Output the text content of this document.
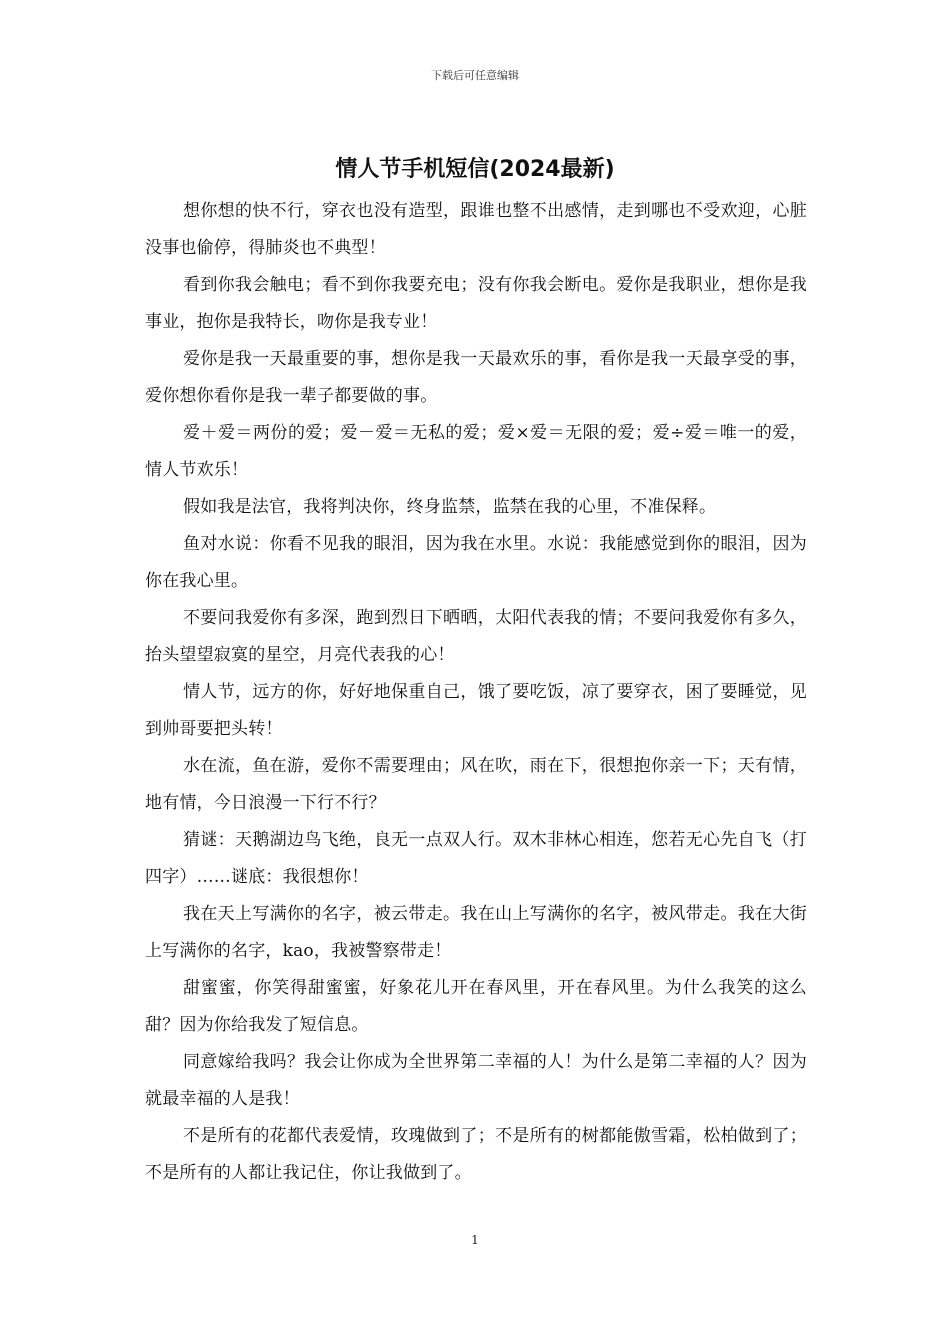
下载后可任意编辑
情人节手机短信(2024最新)

想你想的快不行，穿衣也没有造型，跟谁也整不出感情，走到哪也不受欢迎，心脏没事也偷停，得肺炎也不典型！

看到你我会触电；看不到你我要充电；没有你我会断电。爱你是我职业，想你是我事业，抱你是我特长，吻你是我专业！

爱你是我一天最重要的事，想你是我一天最欢乐的事，看你是我一天最享受的事，爱你想你看你是我一辈子都要做的事。

爱＋爱＝两份的爱；爱－爱＝无私的爱；爱×爱＝无限的爱；爱÷爱＝唯一的爱，情人节欢乐！

假如我是法官，我将判决你，终身监禁，监禁在我的心里，不准保释。

鱼对水说：你看不见我的眼泪，因为我在水里。水说：我能感觉到你的眼泪，因为你在我心里。

不要问我爱你有多深，跑到烈日下晒晒，太阳代表我的情；不要问我爱你有多久，抬头望望寂寞的星空，月亮代表我的心！

情人节，远方的你，好好地保重自己，饿了要吃饭，凉了要穿衣，困了要睡觉，见到帅哥要把头转！

水在流，鱼在游，爱你不需要理由；风在吹，雨在下，很想抱你亲一下；天有情，地有情，今日浪漫一下行不行？

猜谜：天鹅湖边鸟飞绝，良无一点双人行。双木非林心相连，您若无心先自飞（打四字）……谜底：我很想你！

我在天上写满你的名字，被云带走。我在山上写满你的名字，被风带走。我在大街上写满你的名字，kao，我被警察带走！

甜蜜蜜，你笑得甜蜜蜜，好象花儿开在春风里，开在春风里。为什么我笑的这么甜？因为你给我发了短信息。

同意嫁给我吗？我会让你成为全世界第二幸福的人！为什么是第二幸福的人？因为就最幸福的人是我！

不是所有的花都代表爱情，玫瑰做到了；不是所有的树都能傲雪霜，松柏做到了；不是所有的人都让我记住，你让我做到了。

1
